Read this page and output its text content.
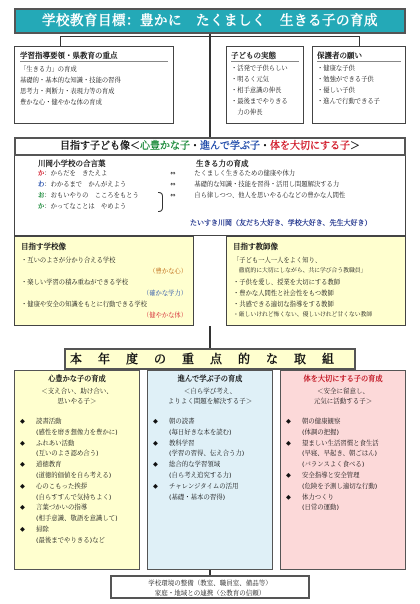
学校教育目標：豊かに　たくましく　生きる子の育成
学習指導要領・県教育の重点
「生きる力」の育成
基礎的・基本的な知識・技能の習得
思考力・判断力・表現力等の育成
豊かな心・健やかな体の育成
子どもの実態
・活発で子供らしい
・明るく元気
・相手意識の伸長
・最後までやりきる
　力の伸長
保護者の願い
・健康な子供
・勉強ができる子供
・優しい子供
・進んで行動できる子
目指す子ども像＜心豊かな子・進んで学ぶ子・体を大切にする子＞
川岡小学校の合言葉	生きる力の育成
か：からだを　きたえよ	⇔	たくましく生きるための健康や体力
わ：わかるまで　かんがえよう	⇔	基礎的な知識・技能を習得・活用し問題解決する力
お：おもいやりの　こころをもとう	⇔	自ら律しつつ、他人を思いやる心などの豊かな人間性
か：かってなことは　やめよう
たいすき川岡（友だち大好き、学校大好き、先生大好き）
目指す学校像
・互いのよさが分かり合える学校
（豊かな心）
・楽しい学習の積み重ねができる学校
（確かな学力）
・健康や安全の知識をもとに行動できる学校
（健やかな体）
目指す教師像
「子ども一人一人をよく知り、
　徹底的に大切にしながら、共に学び合う教職員」
・子供を愛し、授業を大切にする教師
・豊かな人間性と社会性をもつ教師
・共感できる適切な指導をする教師
・厳しいけれど怖くない、優しいけれど甘くない教師
本年度の重点的な取組
心豊かな子の育成
＜支え合い、助け合い、
思いやる子＞
◆ 読書活動
(感性を磨き想像力を豊かに)
◆ ふれあい活動
(互いのよさ認め合う)
◆ 道徳教育
(道徳的価値を自ら考える)
◆ 心のこもった挨拶
(自らすすんで気持ちよく)
◆ 言葉づかいの指導
(相手意識、敬語を意識して)
◆ 掃除
(最後までやりきる)など
進んで学ぶ子の育成
＜自ら学び考え、
よりよく問題を解決する子＞
◆ 朝の読書
(毎日好きな本を読む)
◆ 教科学習
(学習の習得、伝え合う力)
◆ 総合的な学習領域
(自ら考え追究する力)
◆ チャレンジタイムの活用
(基礎・基本の習得)
体を大切にする子の育成
＜安全に留意し、
元気に活動する子＞
◆ 朝の健康観察
(体調の把握)
◆ 望ましい生活習慣と食生活
(早寝、早起き、朝ごはん)
(バランスよく食べる)
◆ 安全指導と安全管理
(危険を予測し適切な行動)
◆ 体力つくり
(日常の運動)
学校環境の整備（教室、職員室、備品等）
家庭・地域との連携（公教育の信頼）
